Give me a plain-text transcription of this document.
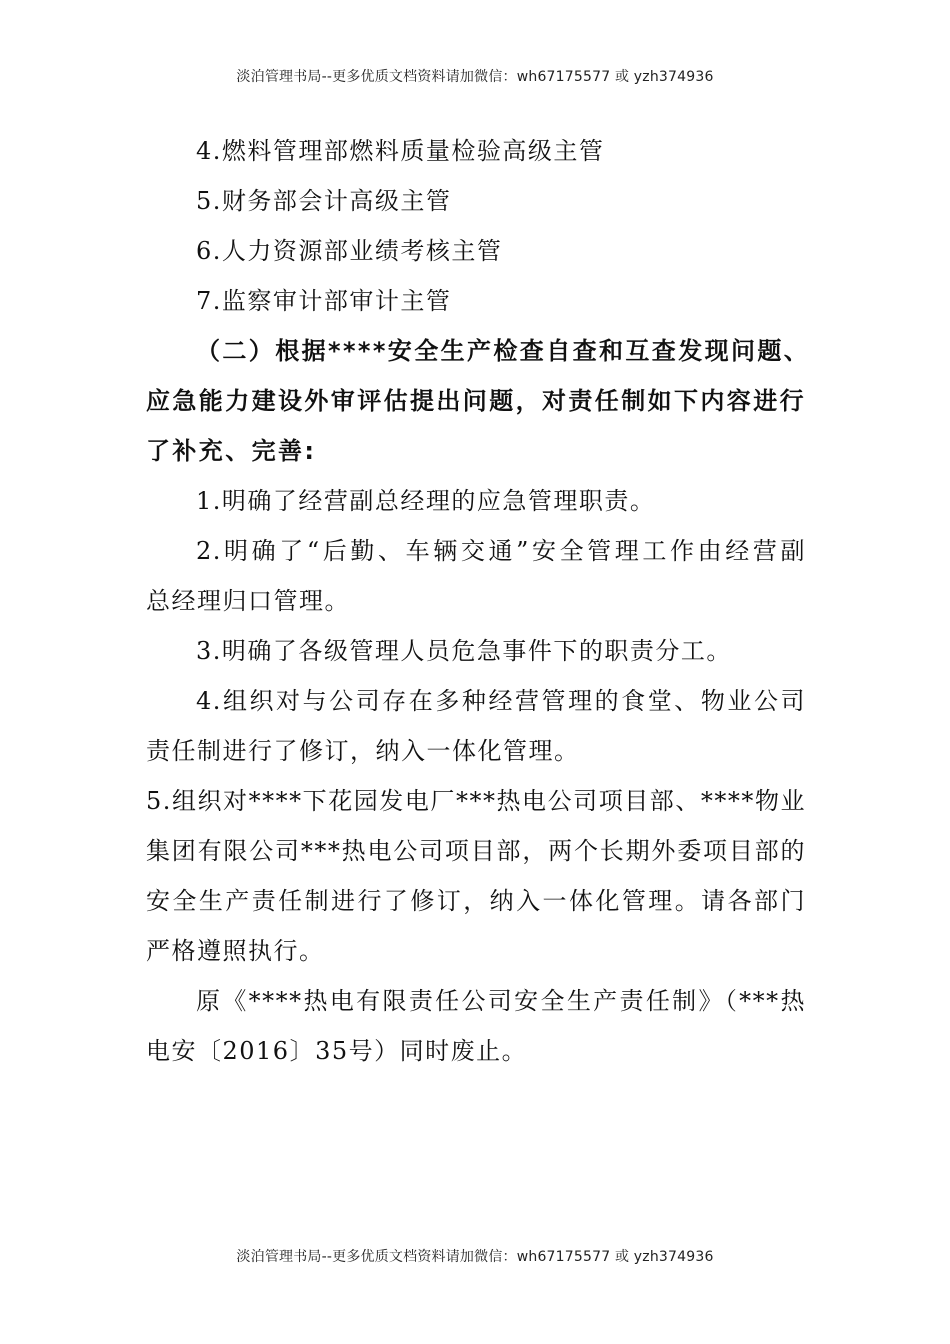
淡泊管理书局--更多优质文档资料请加微信：wh67175577 或 yzh374936
4.燃料管理部燃料质量检验高级主管
5.财务部会计高级主管
6.人力资源部业绩考核主管
7.监察审计部审计主管
（二）根据****安全生产检查自查和互查发现问题、
应急能力建设外审评估提出问题，对责任制如下内容进行
了补充、完善:
1.明确了经营副总经理的应急管理职责。
2.明确了“后勤、车辆交通”安全管理工作由经营副
总经理归口管理。
3.明确了各级管理人员危急事件下的职责分工。
4.组织对与公司存在多种经营管理的食堂、物业公司
责任制进行了修订，纳入一体化管理。
5.组织对****下花园发电厂***热电公司项目部、****物业
集团有限公司***热电公司项目部，两个长期外委项目部的
安全生产责任制进行了修订，纳入一体化管理。请各部门
严格遵照执行。
原《****热电有限责任公司安全生产责任制》（***热
电安〔2016〕35号）同时废止。
淡泊管理书局--更多优质文档资料请加微信：wh67175577 或 yzh374936
